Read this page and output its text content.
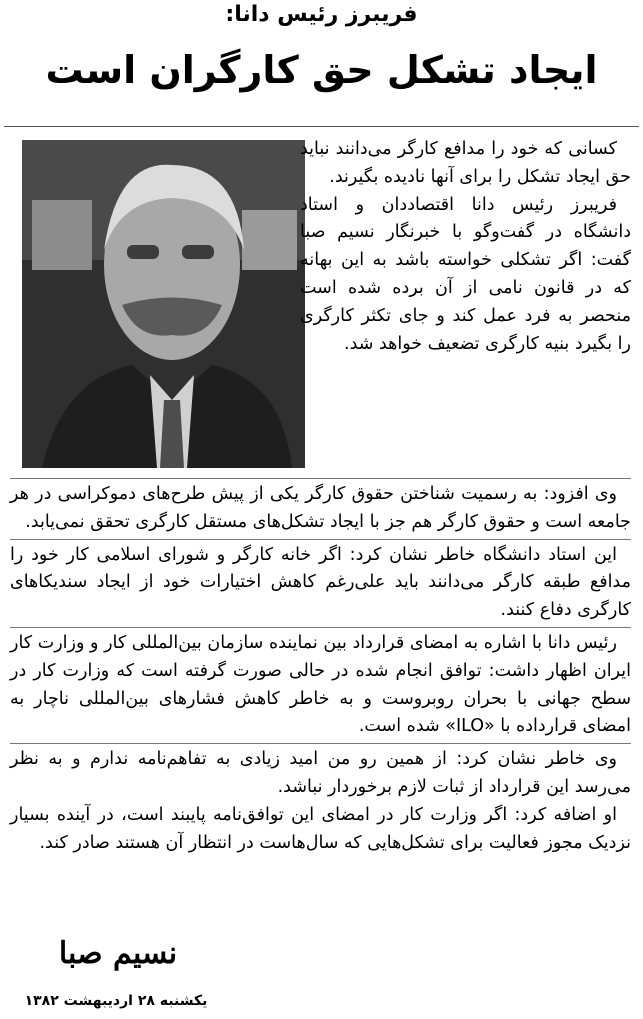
فریبرز رئیس دانا:
ایجاد تشکل حق کارگران است

کسانی که خود را مدافع کارگر می‌دانند نباید حق ایجاد تشکل را برای آنها نادیده بگیرند.

فریبرز رئیس دانا اقتصاددان و استاد دانشگاه در گفت‌وگو با خبرنگار نسیم صبا گفت: اگر تشکلی خواسته باشد به این بهانه که در قانون نامی از آن برده شده است منحصر به فرد عمل کند و جای تکثر کارگری را بگیرد بنیه کارگری تضعیف خواهد شد.

وی افزود: به رسمیت شناختن حقوق کارگر یکی از پیش طرح‌های دموکراسی در هر جامعه است و حقوق کارگر هم جز با ایجاد تشکل‌های مستقل کارگری تحقق نمی‌یابد.

این استاد دانشگاه خاطر نشان کرد: اگر خانه کارگر و شورای اسلامی کار خود را مدافع طبقه کارگر می‌دانند باید علی‌رغم کاهش اختیارات خود از ایجاد سندیکاهای کارگری دفاع کنند.

رئیس دانا با اشاره به امضای قرارداد بین نماینده سازمان بین‌المللی کار و وزارت کار ایران اظهار داشت: توافق انجام شده در حالی صورت گرفته است که وزارت کار در سطح جهانی با بحران روبروست و به خاطر کاهش فشارهای بین‌المللی ناچار به امضای قرارداده با «ILO» شده است.

وی خاطر نشان کرد: از همین رو من امید زیادی به تفاهم‌نامه ندارم و به نظر می‌رسد این قرارداد از ثبات لازم برخوردار نباشد.

او اضافه کرد: اگر وزارت کار در امضای این توافق‌نامه پایبند است، در آینده بسیار نزدیک مجوز فعالیت برای تشکل‌هایی که سال‌هاست در انتظار آن هستند صادر کند.

نسیم صبا
یکشنبه ۲۸ اردیبهشت ۱۳۸۲
